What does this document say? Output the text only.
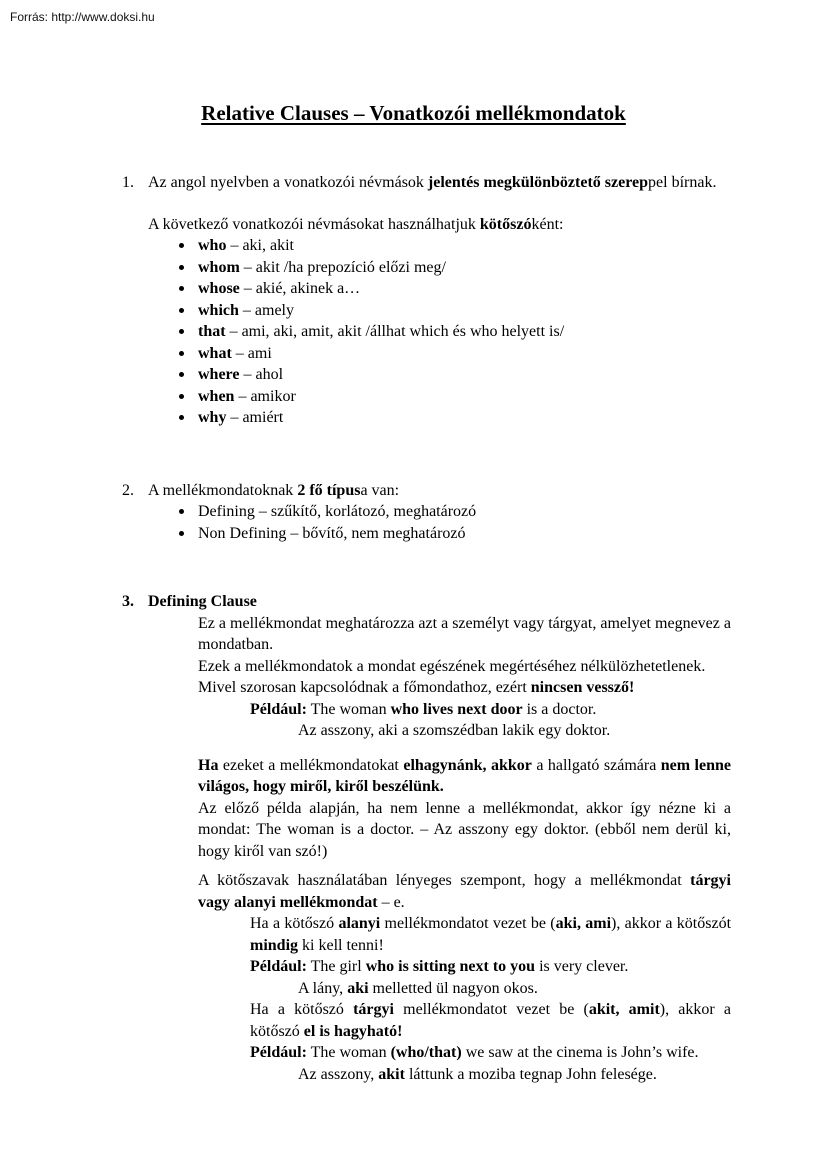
Forrás: http://www.doksi.hu
Relative Clauses – Vonatkozói mellékmondatok
1. Az angol nyelvben a vonatkozói névmások jelentés megkülönböztető szereppel bírnak.
A következő vonatkozói névmásokat használhatjuk kötőszóként:
who – aki, akit
whom – akit /ha prepozíció előzi meg/
whose – akié, akinek a…
which – amely
that – ami, aki, amit, akit /állhat which és who helyett is/
what – ami
where – ahol
when – amikor
why – amiért
2. A mellékmondatoknak 2 fő típusa van:
Defining – szűkítő, korlátozó, meghatározó
Non Defining – bővítő, nem meghatározó
3. Defining Clause
Ez a mellékmondat meghatározza azt a személyt vagy tárgyat, amelyet megnevez a mondatban.
Ezek a mellékmondatok a mondat egészének megértéséhez nélkülözhetetlenek.
Mivel szorosan kapcsolódnak a főmondathoz, ezért nincsen vessző!
Például: The woman who lives next door is a doctor.
Az asszony, aki a szomszédban lakik egy doktor.
Ha ezeket a mellékmondatokat elhagynánk, akkor a hallgató számára nem lenne világos, hogy miről, kiről beszélünk.
Az előző példa alapján, ha nem lenne a mellékmondat, akkor így nézne ki a mondat: The woman is a doctor. – Az asszony egy doktor. (ebből nem derül ki, hogy kiről van szó!)
A kötőszavak használatában lényeges szempont, hogy a mellékmondat tárgyi vagy alanyi mellékmondat – e.
Ha a kötőszó alanyi mellékmondatot vezet be (aki, ami), akkor a kötőszót mindig ki kell tenni!
Például: The girl who is sitting next to you is very clever.
A lány, aki melletted ül nagyon okos.
Ha a kötőszó tárgyi mellékmondatot vezet be (akit, amit), akkor a kötőszó el is hagyható!
Például: The woman (who/that) we saw at the cinema is John’s wife.
Az asszony, akit láttunk a moziba tegnap John felesége.
